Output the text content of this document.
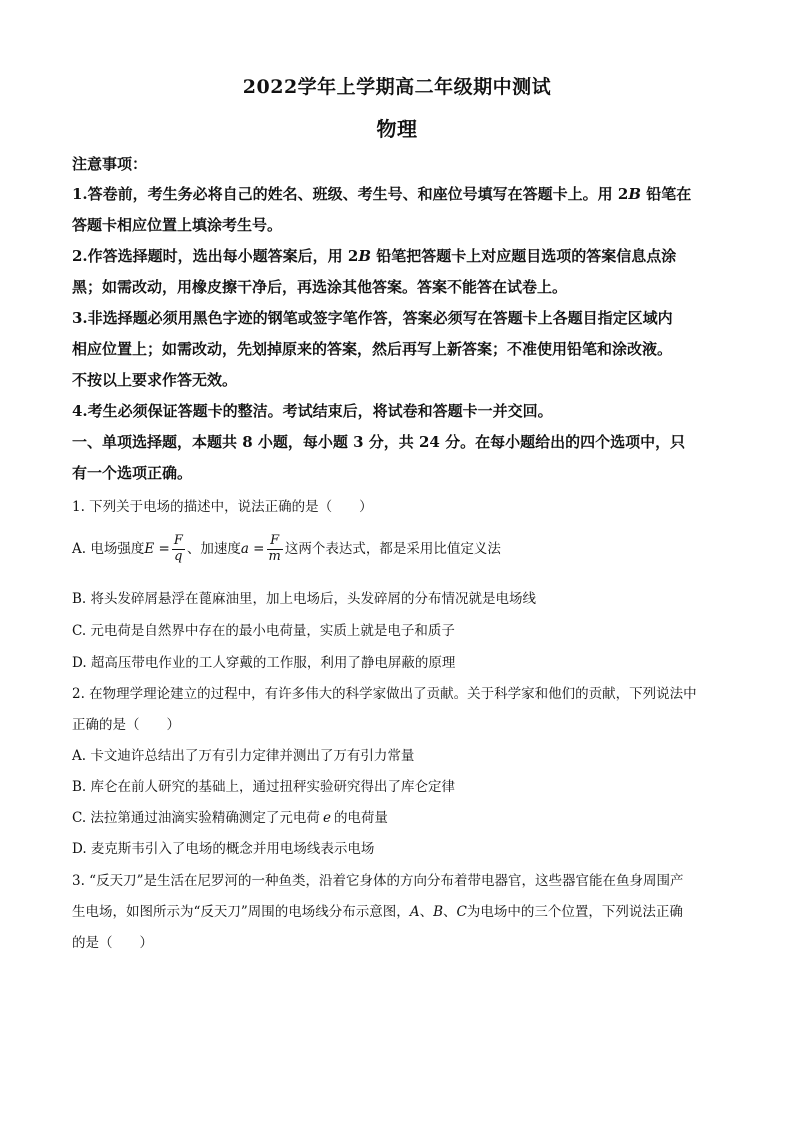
2022学年上学期高二年级期中测试
物理
注意事项：
1.答卷前，考生务必将自己的姓名、班级、考生号、和座位号填写在答题卡上。用 2B 铅笔在
答题卡相应位置上填涂考生号。
2.作答选择题时，选出每小题答案后，用 2B 铅笔把答题卡上对应题目选项的答案信息点涂
黑；如需改动，用橡皮擦干净后，再选涂其他答案。答案不能答在试卷上。
3.非选择题必须用黑色字迹的钢笔或签字笔作答，答案必须写在答题卡上各题目指定区域内
相应位置上；如需改动，先划掉原来的答案，然后再写上新答案；不准使用铅笔和涂改液。
不按以上要求作答无效。
4.考生必须保证答题卡的整洁。考试结束后，将试卷和答题卡一并交回。
一、单项选择题，本题共 8 小题，每小题 3 分，共 24 分。在每小题给出的四个选项中，只
有一个选项正确。
1. 下列关于电场的描述中，说法正确的是（　　）
A. 电场强度$E = \frac{F}{q}$ 、加速度$a = \frac{F}{m}$ 这两个表达式，都是采用比值定义法
B. 将头发碎屑悬浮在蓖麻油里，加上电场后，头发碎屑的分布情况就是电场线
C. 元电荷是自然界中存在的最小电荷量，实质上就是电子和质子
D. 超高压带电作业的工人穿戴的工作服，利用了静电屏蔽的原理
2. 在物理学理论建立的过程中，有许多伟大的科学家做出了贡献。关于科学家和他们的贡献，下列说法中
正确的是（　　）
A. 卡文迪许总结出了万有引力定律并测出了万有引力常量
B. 库仑在前人研究的基础上，通过扭秤实验研究得出了库仑定律
C. 法拉第通过油滴实验精确测定了元电荷 e 的电荷量
D. 麦克斯韦引入了电场的概念并用电场线表示电场
3. “反天刀”是生活在尼罗河的一种鱼类，沿着它身体的方向分布着带电器官，这些器官能在鱼身周围产
生电场，如图所示为“反天刀”周围的电场线分布示意图，A、B、C为电场中的三个位置，下列说法正确
的是（　　）
